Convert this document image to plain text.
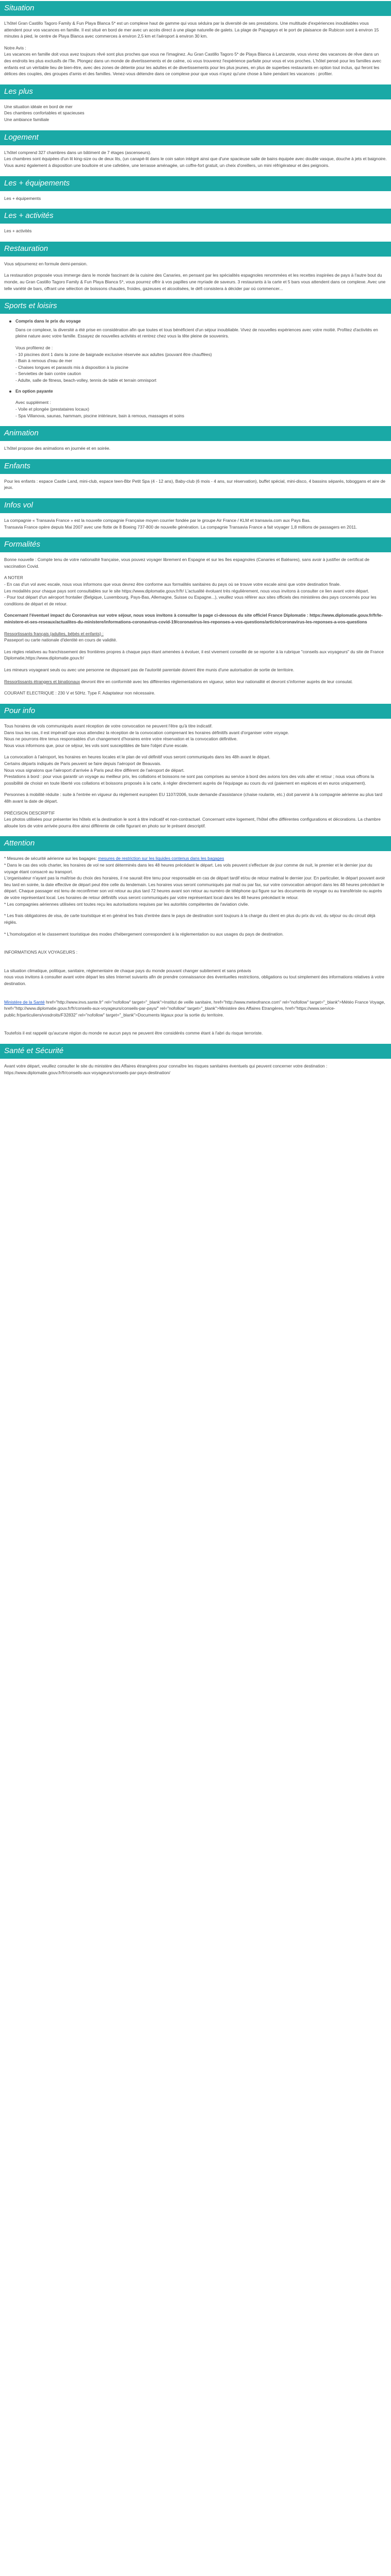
Situation

L'hôtel Gran Castillo Tagoro Family & Fun Playa Blanca 5* est un complexe haut de gamme qui vous séduira par la diversité de ses prestations. Une multitude d'expériences inoubliables vous attendent pour vos vacances en famille. Il est situé en bord de mer avec un accès direct à une plage naturelle de galets. La plage de Papagayo et le port de plaisance de Rubicon sont à environ 15 minutes à pied, le centre de Playa Blanca avec commerces à environ 2,5 km et l'aéroport à environ 30 km.

Notre Avis :

Les vacances en famille doit vous avez toujours rêvé sont plus proches que vous ne l'imaginez. Au Gran Castillo Tagoro 5* de Playa Blanca à Lanzarote, vous vivrez des vacances de rêve dans un des endroits les plus exclusifs de l'île. Plongez dans un monde de divertissements et de calme, où vous trouverez l'expérience parfaite pour vous et vos proches. L'hôtel pensé pour les familles avec enfants est un véritable lieu de bien-être, avec des zones de détente pour les adultes et de divertissements pour les plus jeunes, en plus de superbes restaurants en option tout inclus, qui feront les délices des couples, des groupes d'amis et des familles. Venez-vous détendre dans ce complexe pour que vous n'ayez qu'une chose à faire pendant les vacances : profiter.

Les plus

Une situation idéale en bord de mer

Des chambres confortables et spacieuses

Une ambiance familiale

Logement

L'hôtel comprend 327 chambres dans un bâtiment de 7 étages (ascenseurs).

Les chambres sont équipées d'un lit king-size ou de deux lits, (un canapé-lit dans le coin salon intégré ainsi que d'une spacieuse salle de bains équipée avec double vasque, douche à jets et baignoire. Vous aurez également à disposition une boulloire et une cafetière, une terrasse aménagée, un coffre-fort gratuit, un cheix d'oreillers, un mini réfrigérateur et des peignoirs.

Les + équipements

Les + équipements

Les + activités

Les + activités

Restauration

Vous séjournerez en formule demi-pension.

La restauration proposée vous immerge dans le monde fascinant de la cuisine des Canaries, en pensant par les spécialités espagnoles renommées et les recettes inspirées de pays à l'autre bout du monde, au Gran Castillo Tagoro Family & Fun Playa Blanca 5*, vous pourrez offrir à vos papilles une myriade de saveurs. 3 restaurants à la carte et 5 bars vous attendent dans ce complexe. Avec une telle variété de bars, offrant une sélection de boissons chaudes, froides, gazeuses et alcoolisées, le défi consistera à décider par où commencer...

Sports et loisirs
Compris dans le prix du voyage

Dans ce complexe, la diversité a été prise en considération afin que toutes et tous bénéficient d'un séjour inoubliable. Vivez de nouvelles expériences avec votre moitié. Profitez d'activités en pleine nature avec votre famille. Essayez de nouvelles activités et rentrez chez vous la tête pleine de souvenirs.

Vous profiterez de :

- 10 piscines dont 1 dans la zone de baignade exclusive réservée aux adultes (pouvant être chauffées)

- Bain à remous d'eau de mer

- Chaises longues et parasols mis à disposition à la piscine

- Serviettes de bain contre caution

- Adulte, salle de fitness, beach-volley, tennis de table et terrain omnisport

En option payante

Avec supplément :

- Voile et plongée (prestataires locaux)

- Spa Villanova, saunas, hammam, piscine intérieure, bain à remous, massages et soins

Animation

L'hôtel propose des animations en journée et en soirée.

Enfants

Pour les enfants : espace Castle Land, mini-club, espace teen-Bbr Petit Spa (4 - 12 ans), Baby-club (6 mois - 4 ans, sur réservation), buffet spécial, mini-disco, 4 bassins séparés, toboggans et aire de jeux.

Infos vol

La compagnie « Transavia France » est la nouvelle compagnie Française moyen courrier fondée par le groupe Air France / KLM et transavia.com aux Pays Bas.

Transavia France opère depuis Mai 2007 avec une flotte de 8 Boeing 737-800 de nouvelle génération. La compagnie Transavia France a fait voyager 1,8 millions de passagers en 2011.

Formalités

Bonne nouvelle : Compte tenu de votre nationalité française, vous pouvez voyager librement en Espagne et sur les îles espagnoles (Canaries et Baléares), sans avoir à justifier de certificat de vaccination Covid.

A NOTER

- En cas d'un vol avec escale, nous vous informons que vous devrez être conforme aux formalités sanitaires du pays où se trouve votre escale ainsi que votre destination finale.
Les modalités pour chaque pays sont consultables sur le site https://www.diplomatie.gouv.fr/fr/ L'actualité évoluant très régulièrement, nous vous invitons à consulter ce lien avant votre départ.
- Pour tout départ d'un aéroport frontalier (Belgique, Luxembourg, Pays-Bas, Allemagne, Suisse ou Espagne...), veuillez vous référer aux sites officiels des ministères des pays concernés pour les conditions de départ et de retour.

Concernant l'éventuel impact du Coronavirus sur votre séjour, nous vous invitons à consulter la page ci-dessous du site officiel France Diplomatie : https://www.diplomatie.gouv.fr/fr/le-ministere-et-ses-reseaux/actualites-du-ministere/informations-coronavirus-covid-19/coronavirus-les-reponses-a-vos-questions/article/coronavirus-les-reponses-a-vos-questions

Ressortissants français (adultes, bébés et enfants) :

Passeport ou carte nationale d'identité en cours de validité.

Les règles relatives au franchissement des frontières propres à chaque pays étant amenées à évoluer, il est vivement conseillé de se reporter à la rubrique "conseils aux voyageurs" du site de France Diplomatie,https://www.diplomatie.gouv.fr/

Les mineurs voyageant seuls ou avec une personne ne disposant pas de l'autorité parentale doivent être munis d'une autorisation de sortie de territoire.

Ressortissants étrangers et binationaux devront être en conformité avec les différentes réglementations en vigueur, selon leur nationalité et devront s'informer auprès de leur consulat.

COURANT ELECTRIQUE : 230 V et 50Hz. Type F. Adaptateur non nécessaire.

Pour info

Tous horaires de vols communiqués avant réception de votre convocation ne peuvent l'être qu'à titre indicatif.
Dans tous les cas, il est impératif que vous attendiez la réception de la convocation comprenant les horaires définitifs avant d'organiser votre voyage.
Nous ne pourrons être tenus responsables d'un changement d'horaires entre votre réservation et la convocation définitive.
Nous vous informons que, pour ce séjour, les vols sont susceptibles de faire l'objet d'une escale.

La convocation à l'aéroport, les horaires en heures locales et le plan de vol définitif vous seront communiqués dans les 48h avant le départ.
Certains départs indiqués de Paris peuvent se faire depuis l'aéroport de Beauvais.
Nous vous signalons que l'aéroport d'arrivée à Paris peut être différent de l'aéroport de départ.
Prestations à bord : pour vous garantir un voyage au meilleur prix, les collations et boissons ne sont pas comprises au service à bord des avions lors des vols aller et retour ; nous vous offrons la possibilité de choisir en toute liberté vos collations et boissons proposés à la carte, à régler directement auprès de l'équipage au cours du vol (paiement en espèces et en euros uniquement).

Personnes à mobilité réduite : suite à l'entrée en vigueur du règlement européen EU 1107/2006, toute demande d'assistance (chaise roulante, etc.) doit parvenir à la compagnie aérienne au plus tard 48h avant la date de départ.

PRÉCISION DESCRIPTIF

Les photos utilisées pour présenter les hôtels et la destination le sont à titre indicatif et non-contractuel. Concernant votre logement, l'hôtel offre différentes configurations et décorations. La chambre allouée lors de votre arrivée pourra être ainsi différente de celle figurant en photo sur le présent descriptif.

Attention

* Mesures de sécurité aérienne sur les bagages: mesures de restriction sur les liquides contenus dans les bagages
* Dans le cas des vols charter, les horaires de vol ne sont déterminés dans les 48 heures précédant le départ. Les vols peuvent s'effectuer de jour comme de nuit, le premier et le dernier jour du voyage étant consacré au transport.
L'organisateur n'ayant pas la maîtrise du choix des horaires, il ne saurait être tenu pour responsable en cas de départ tardif et/ou de retour matinal le dernier jour. En particulier, le départ pouvant avoir lieu tard en soirée, la date effective de départ peut être celle du lendemain. Les horaires vous seront communiqués par mail ou par fax, sur votre convocation aéroport dans les 48 heures précédant le départ. Chaque passager est tenu de reconfirmer son vol retour au plus tard 72 heures avant son retour au numéro de téléphone qui figure sur les documents de voyage ou au transfériste ou auprès de votre représentant local. Les horaires de retour définitifs vous seront communiqués par votre représentant local dans les 48 heures précédant le retour.
* Les compagnies aériennes utilisées ont toutes reçu les autorisations requises par les autorités compétentes de l'aviation civile.

* Les frais obligatoires de visa, de carte touristique et en général les frais d'entrée dans le pays de destination sont toujours à la charge du client en plus du prix du vol, du séjour ou du circuit déjà réglés.

* L'homologation et le classement touristique des modes d'hébergement correspondent à la réglementation ou aux usages du pays de destination.

INFORMATIONS AUX VOYAGEURS :

La situation climatique, politique, sanitaire, réglementaire de chaque pays du monde pouvant changer subitement et sans préavis
nous vous invitons à consulter avant votre départ les sites Internet suivants afin de prendre connaissance des éventuelles restrictions, obligations ou tout simplement des informations relatives à votre destination.

Ministère de la Santé href="http://www.invs.sante.fr" rel="nofollow" target="_blank">Institut de veille sanitaire, href="http://www.meteofrance.com" rel="nofollow" target="_blank">Météo France Voyage, href="http://www.diplomatie.gouv.fr/fr/conseils-aux-voyageurs/conseils-par-pays/" rel="nofollow" target="_blank">Ministère des Affaires Etrangères, href="https://www.service-public.fr/particuliers/vosdroits/F32832" rel="nofollow" target="_blank">Documents légaux pour la sortie du territoire.

Toutefois il est rappelé qu'aucune région du monde ne aucun pays ne peuvent être considérés comme étant à l'abri du risque terroriste.

Santé et Sécurité

Avant votre départ, veuillez consulter le site du ministère des Affaires étrangères pour connaître les risques sanitaires éventuels qui peuvent concerner votre destination : https://www.diplomatie.gouv.fr/fr/conseils-aux-voyageurs/conseils-par-pays-destination/
